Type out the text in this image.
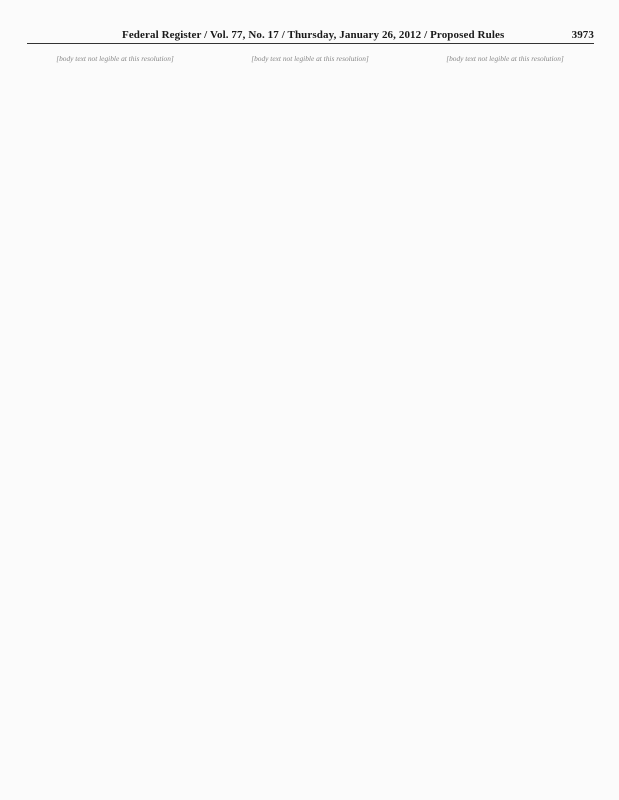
Federal Register / Vol. 77, No. 17 / Thursday, January 26, 2012 / Proposed Rules	3973

[body text not legible at this resolution]	[body text not legible at this resolution]	[body text not legible at this resolution]
